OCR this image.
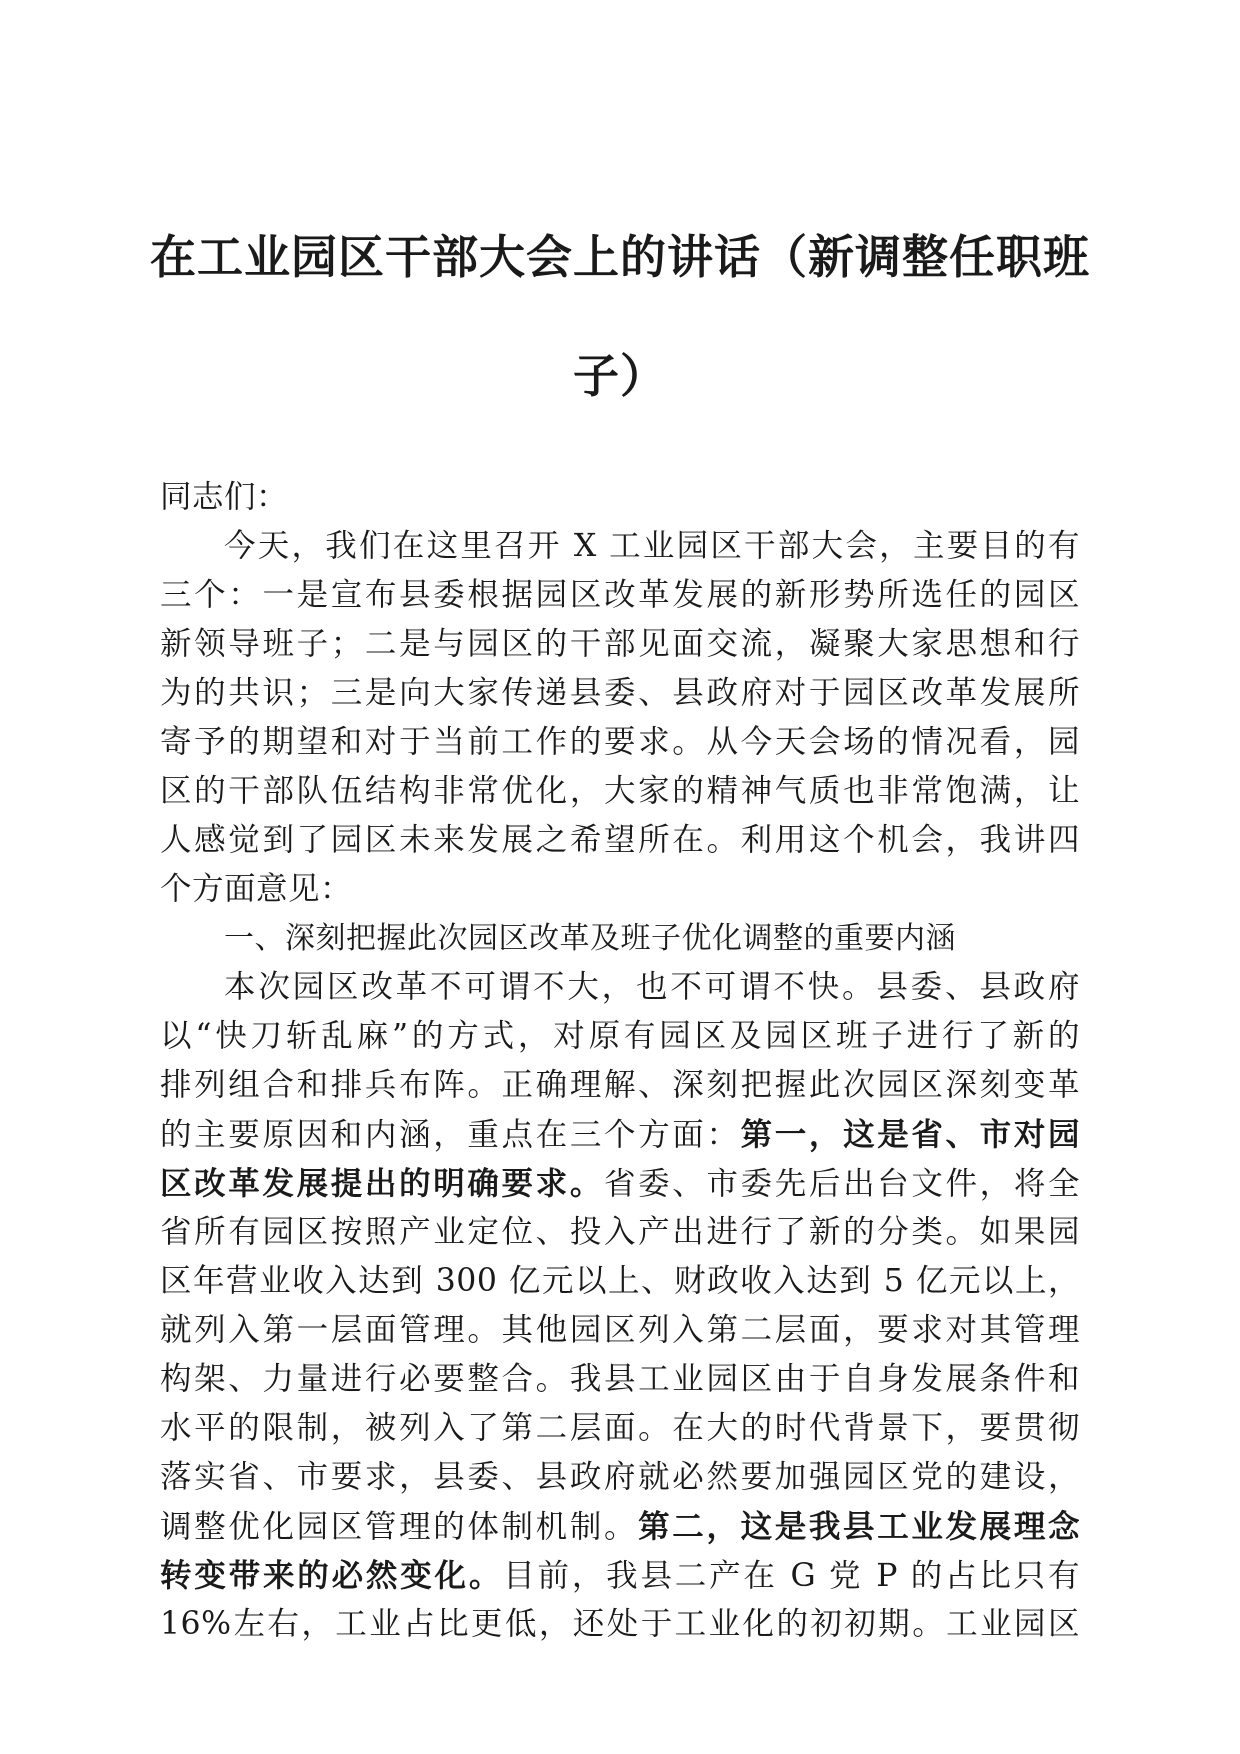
在工业园区干部大会上的讲话（新调整任职班
子）
同志们：
今天，我们在这里召开 X 工业园区干部大会，主要目的有
三个：一是宣布县委根据园区改革发展的新形势所选任的园区
新领导班子；二是与园区的干部见面交流，凝聚大家思想和行
为的共识；三是向大家传递县委、县政府对于园区改革发展所
寄予的期望和对于当前工作的要求。从今天会场的情况看，园
区的干部队伍结构非常优化，大家的精神气质也非常饱满，让
人感觉到了园区未来发展之希望所在。利用这个机会，我讲四
个方面意见：
一、深刻把握此次园区改革及班子优化调整的重要内涵
本次园区改革不可谓不大，也不可谓不快。县委、县政府
以“快刀斩乱麻”的方式，对原有园区及园区班子进行了新的
排列组合和排兵布阵。正确理解、深刻把握此次园区深刻变革
的主要原因和内涵，重点在三个方面：第一，这是省、市对园
区改革发展提出的明确要求。省委、市委先后出台文件，将全
省所有园区按照产业定位、投入产出进行了新的分类。如果园
区年营业收入达到 300 亿元以上、财政收入达到 5 亿元以上，
就列入第一层面管理。其他园区列入第二层面，要求对其管理
构架、力量进行必要整合。我县工业园区由于自身发展条件和
水平的限制，被列入了第二层面。在大的时代背景下，要贯彻
落实省、市要求，县委、县政府就必然要加强园区党的建设，
调整优化园区管理的体制机制。第二，这是我县工业发展理念
转变带来的必然变化。目前，我县二产在 G 党 P 的占比只有
16%左右，工业占比更低，还处于工业化的初初期。工业园区
